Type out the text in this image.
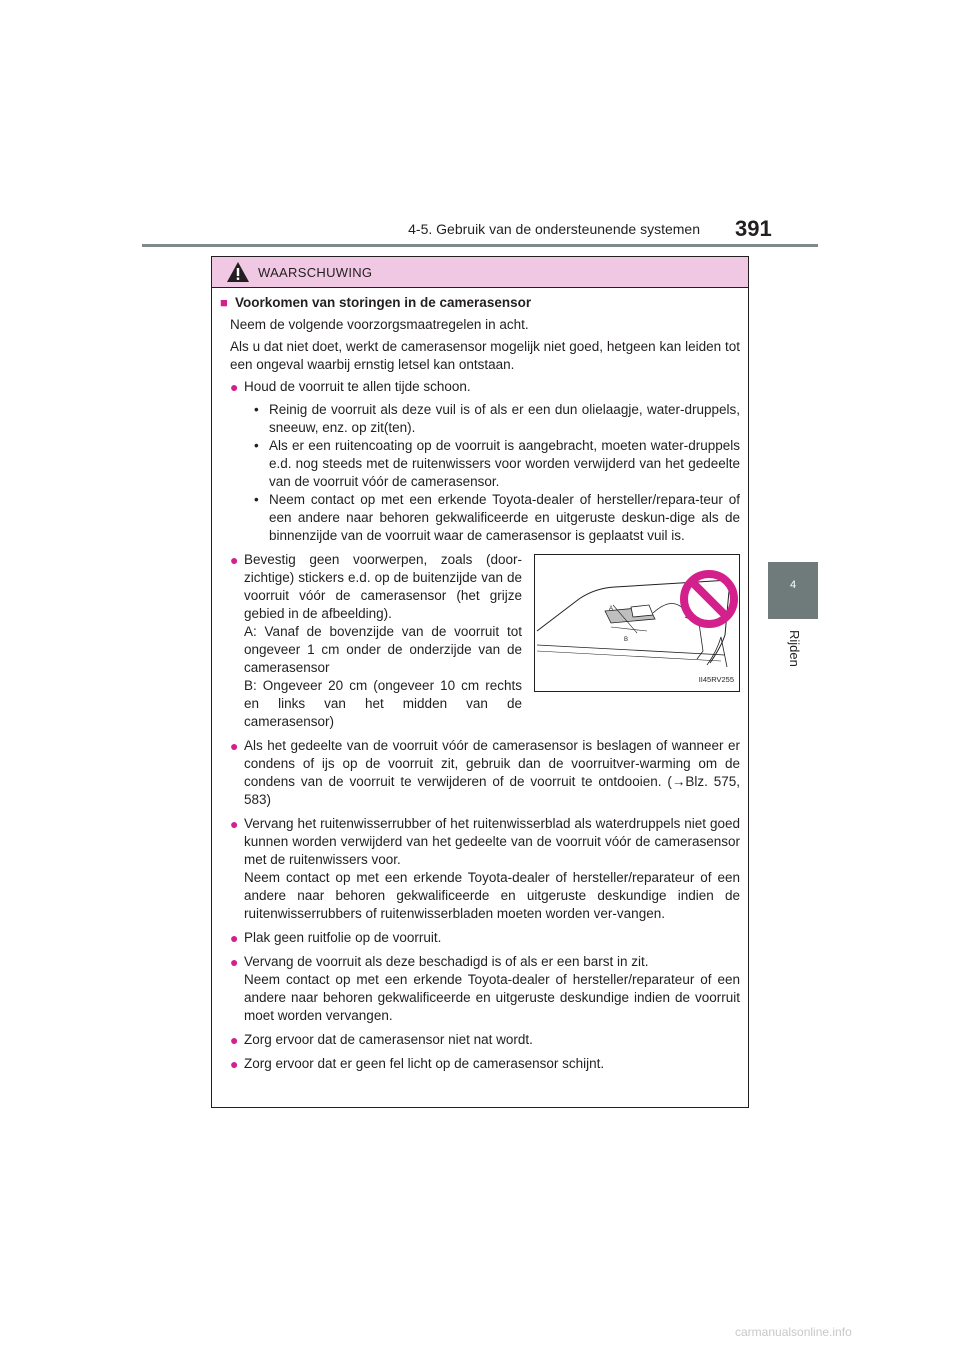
4-5. Gebruik van de ondersteunende systemen 391
4
Rijden
WAARSCHUWING
■ Voorkomen van storingen in de camerasensor
Neem de volgende voorzorgsmaatregelen in acht.
Als u dat niet doet, werkt de camerasensor mogelijk niet goed, hetgeen kan leiden tot een ongeval waarbij ernstig letsel kan ontstaan.
● Houd de voorruit te allen tijde schoon.
• Reinig de voorruit als deze vuil is of als er een dun olielaagje, water-druppels, sneeuw, enz. op zit(ten).
• Als er een ruitencoating op de voorruit is aangebracht, moeten water-druppels e.d. nog steeds met de ruitenwissers voor worden verwijderd van het gedeelte van de voorruit vóór de camerasensor.
• Neem contact op met een erkende Toyota-dealer of hersteller/repara-teur of een andere naar behoren gekwalificeerde en uitgeruste deskun-dige als de binnenzijde van de voorruit waar de camerasensor is geplaatst vuil is.
● Bevestig geen voorwerpen, zoals (door-zichtige) stickers e.d. op de buitenzijde van de voorruit vóór de camerasensor (het grijze gebied in de afbeelding).
A: Vanaf de bovenzijde van de voorruit tot ongeveer 1 cm onder de onderzijde van de camerasensor
B: Ongeveer 20 cm (ongeveer 10 cm rechts en links van het midden van de camerasensor)
A
B
II45RV255
● Als het gedeelte van de voorruit vóór de camerasensor is beslagen of wanneer er condens of ijs op de voorruit zit, gebruik dan de voorruitver-warming om de condens van de voorruit te verwijderen of de voorruit te ontdooien. (→Blz. 575, 583)
● Vervang het ruitenwisserrubber of het ruitenwisserblad als waterdruppels niet goed kunnen worden verwijderd van het gedeelte van de voorruit vóór de camerasensor met de ruitenwissers voor.
Neem contact op met een erkende Toyota-dealer of hersteller/reparateur of een andere naar behoren gekwalificeerde en uitgeruste deskundige indien de ruitenwisserrubbers of ruitenwisserbladen moeten worden ver-vangen.
● Plak geen ruitfolie op de voorruit.
● Vervang de voorruit als deze beschadigd is of als er een barst in zit.
Neem contact op met een erkende Toyota-dealer of hersteller/reparateur of een andere naar behoren gekwalificeerde en uitgeruste deskundige indien de voorruit moet worden vervangen.
● Zorg ervoor dat de camerasensor niet nat wordt.
● Zorg ervoor dat er geen fel licht op de camerasensor schijnt.
carmanualsonline.info
